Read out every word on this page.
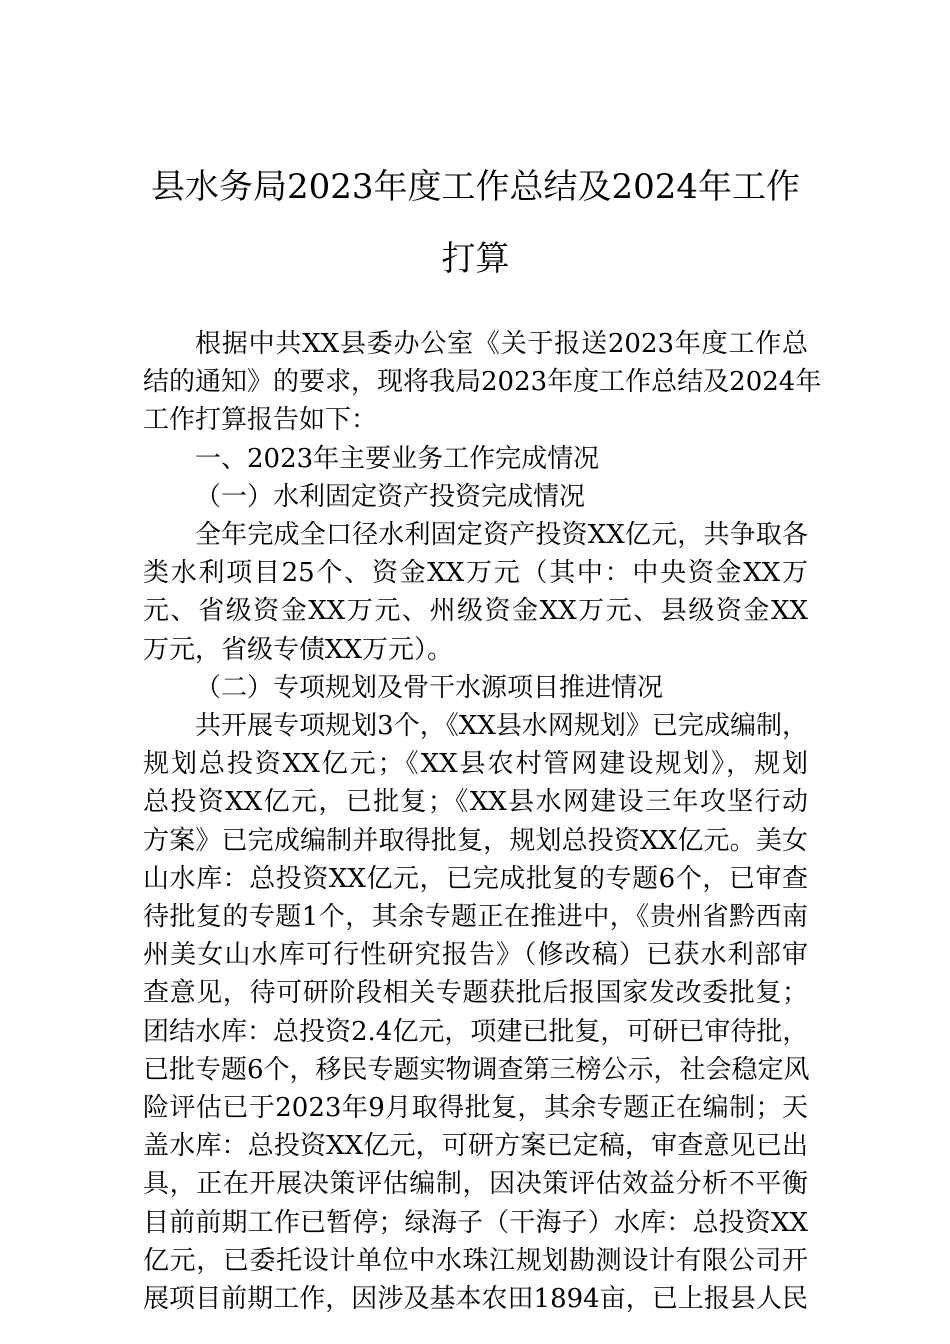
县水务局2023年度工作总结及2024年工作
打算
根据中共XX县委办公室《关于报送2023年度工作总
结的通知》的要求，现将我局2023年度工作总结及2024年
工作打算报告如下：
一、2023年主要业务工作完成情况
（一）水利固定资产投资完成情况
全年完成全口径水利固定资产投资XX亿元，共争取各
类水利项目25个、资金XX万元（其中：中央资金XX万
元、省级资金XX万元、州级资金XX万元、县级资金XX
万元，省级专债XX万元）。
（二）专项规划及骨干水源项目推进情况
共开展专项规划3个，《XX县水网规划》已完成编制，
规划总投资XX亿元；《XX县农村管网建设规划》，规划
总投资XX亿元，已批复；《XX县水网建设三年攻坚行动
方案》已完成编制并取得批复，规划总投资XX亿元。美女
山水库：总投资XX亿元，已完成批复的专题6个，已审查
待批复的专题1个，其余专题正在推进中，《贵州省黔西南
州美女山水库可行性研究报告》（修改稿）已获水利部审
查意见，待可研阶段相关专题获批后报国家发改委批复；
团结水库：总投资2.4亿元，项建已批复，可研已审待批，
已批专题6个，移民专题实物调查第三榜公示，社会稳定风
险评估已于2023年9月取得批复，其余专题正在编制；天
盖水库：总投资XX亿元，可研方案已定稿，审查意见已出
具，正在开展决策评估编制，因决策评估效益分析不平衡
目前前期工作已暂停；绿海子（干海子）水库：总投资XX
亿元，已委托设计单位中水珠江规划勘测设计有限公司开
展项目前期工作，因涉及基本农田1894亩，已上报县人民
